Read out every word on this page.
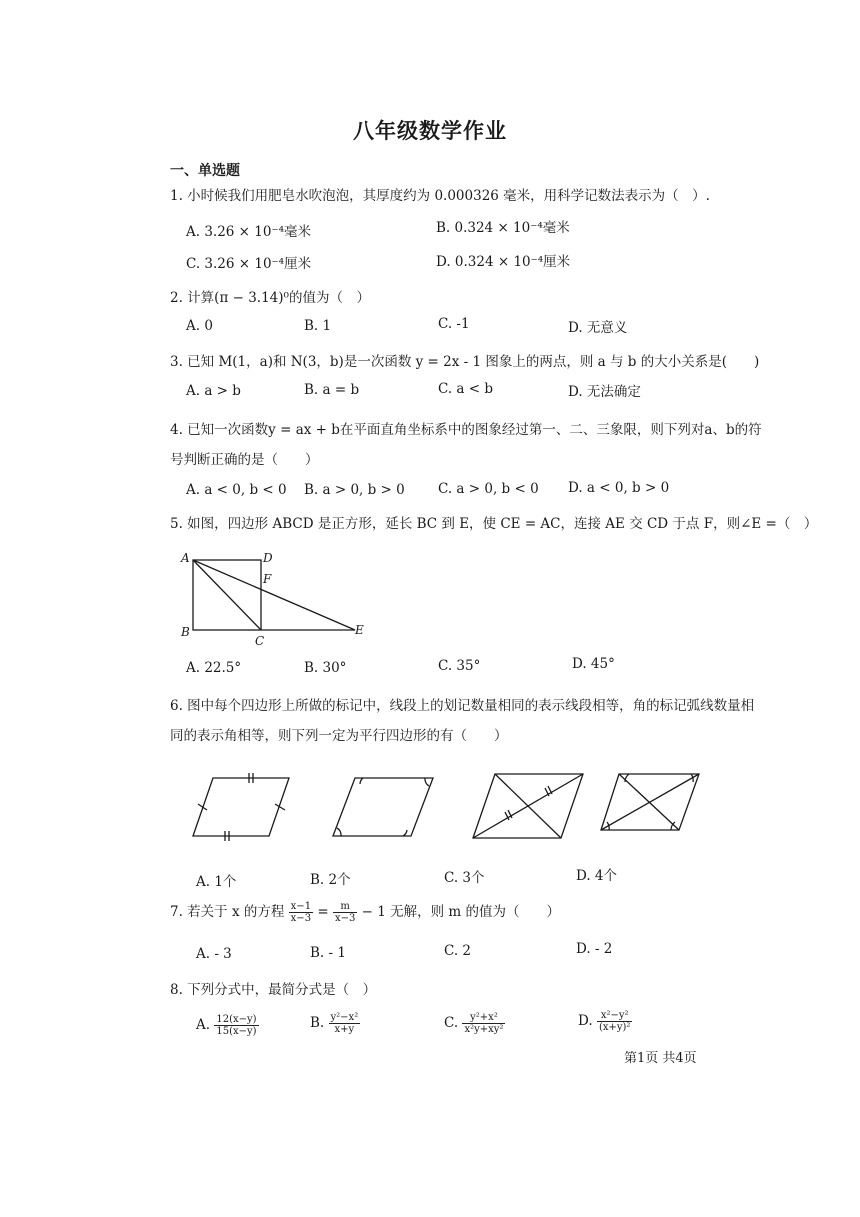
八年级数学作业
一、单选题
1. 小时候我们用肥皂水吹泡泡，其厚度约为 0.000326 毫米，用科学记数法表示为（　）.
A. 3.26 × 10⁻⁴毫米	B. 0.324 × 10⁻⁴毫米
C. 3.26 × 10⁻⁴厘米	D. 0.324 × 10⁻⁴厘米
2. 计算(π − 3.14)⁰的值为（　）
A. 0	B. 1	C. -1	D. 无意义
3. 已知 M(1，a)和 N(3，b)是一次函数 y = 2x - 1 图象上的两点，则 a 与 b 的大小关系是(　　)
A. a > b	B. a = b	C. a < b	D. 无法确定
4. 已知一次函数y = ax + b在平面直角坐标系中的图象经过第一、二、三象限，则下列对a、b的符
号判断正确的是（　　）
A. a < 0, b < 0 B. a > 0, b > 0 C. a > 0, b < 0 D. a < 0, b > 0
5. 如图，四边形 ABCD 是正方形，延长 BC 到 E，使 CE = AC，连接 AE 交 CD 于点 F，则∠E =（　）
A	D
F
B
C
E
A. 22.5°	B. 30°	C. 35°	D. 45°
6. 图中每个四边形上所做的标记中，线段上的划记数量相同的表示线段相等，角的标记弧线数量相
同的表示角相等，则下列一定为平行四边形的有（　　）
A. 1个	B. 2个	C. 3个	D. 4个
7. 若关于 x 的方程 $\frac{x-1}{x-3} = \frac{m}{x-3} - 1$ 无解，则 m 的值为（　　）
A. - 3	B. - 1	C. 2	D. - 2
8. 下列分式中，最简分式是（　）
A. $\frac{12(x-y)}{15(x-y)}$	B. $\frac{\text{y²−x²}}{x+y}$	C. $\frac{\text{y²+x²}}{\text{x²y+xy²}}$	D. $\frac{\text{x²−y²}}{\text{(x+y)²}}$
第1页 共4页
